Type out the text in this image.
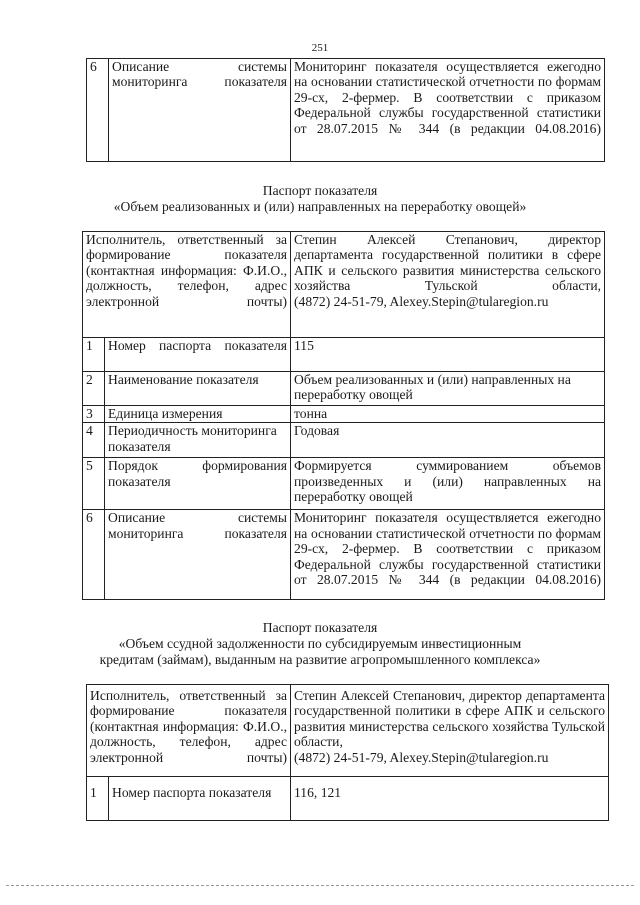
251
6	Описание системы мониторинга показателя	Мониторинг показателя осуществляется ежегодно на основании статистической отчетности по формам 29-сх, 2-фермер. В соответствии с приказом Федеральной службы государственной статистики от 28.07.2015 № 344 (в редакции 04.08.2016)
Паспорт показателя
«Объем реализованных и (или) направленных на переработку овощей»
Исполнитель, ответственный за формирование показателя (контактная информация: Ф.И.О., должность, телефон, адрес электронной почты)		Степин Алексей Степанович, директор департамента государственной политики в сфере АПК и сельского развития министерства сельского хозяйства Тульской области,
(4872) 24-51-79, Alexey.Stepin@tularegion.ru

1	Номер паспорта показателя	115
2	Наименование показателя	Объем реализованных и (или) направленных на переработку овощей
3	Единица измерения	тонна
4	Периодичность мониторинга показателя	Годовая
5	Порядок формирования показателя	Формируется суммированием объемов произведенных и (или) направленных на переработку овощей
6	Описание системы мониторинга показателя	Мониторинг показателя осуществляется ежегодно на основании статистической отчетности по формам 29-сх, 2-фермер. В соответствии с приказом Федеральной службы государственной статистики от 28.07.2015 № 344 (в редакции 04.08.2016)
Паспорт показателя
«Объем ссудной задолженности по субсидируемым инвестиционным
кредитам (займам), выданным на развитие агропромышленного комплекса»
Исполнитель, ответственный за формирование показателя (контактная информация: Ф.И.О., должность, телефон, адрес электронной почты)		Степин Алексей Степанович, директор департамента государственной политики в сфере АПК и сельского развития министерства сельского хозяйства Тульской области,
(4872) 24-51-79, Alexey.Stepin@tularegion.ru

1	Номер паспорта показателя	116, 121
